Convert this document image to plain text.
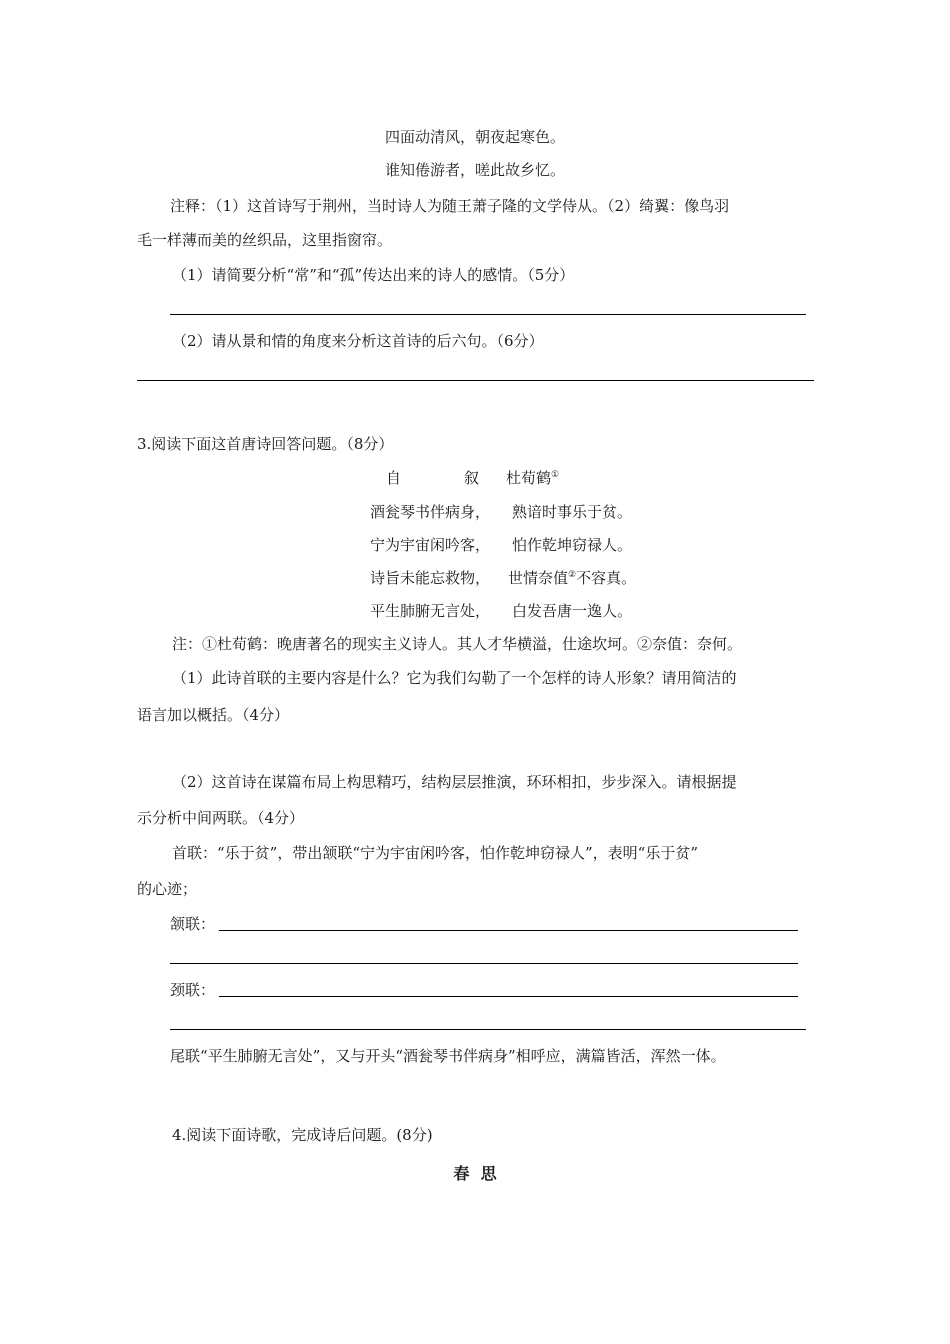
四面动清风，朝夜起寒色。
谁知倦游者，嗟此故乡忆。
注释：（1）这首诗写于荆州，当时诗人为随王萧子隆的文学侍从。（2）绮翼：像鸟羽
毛一样薄而美的丝织品，这里指窗帘。
（1）请简要分析“常”和“孤”传达出来的诗人的感情。（5分）
（2）请从景和情的角度来分析这首诗的后六句。（6分）
3.阅读下面这首唐诗回答问题。（8分）
自	叙 杜荀鹤①
酒瓮琴书伴病身， 熟谙时事乐于贫。
宁为宇宙闲吟客， 怕作乾坤窃禄人。
诗旨未能忘救物， 世情奈值②不容真。
平生肺腑无言处， 白发吾唐一逸人。
注：①杜荀鹤：晚唐著名的现实主义诗人。其人才华横溢，仕途坎坷。②奈值：奈何。
（1）此诗首联的主要内容是什么？它为我们勾勒了一个怎样的诗人形象？请用简洁的
语言加以概括。（4分）
（2）这首诗在谋篇布局上构思精巧，结构层层推演，环环相扣，步步深入。请根据提
示分析中间两联。（4分）
首联：“乐于贫”，带出颔联“宁为宇宙闲吟客，怕作乾坤窃禄人”，表明“乐于贫”
的心迹；
颔联：
颈联：
尾联“平生肺腑无言处”，又与开头“酒瓮琴书伴病身”相呼应，满篇皆活，浑然一体。
4.阅读下面诗歌，完成诗后问题。(8分)
春  思
